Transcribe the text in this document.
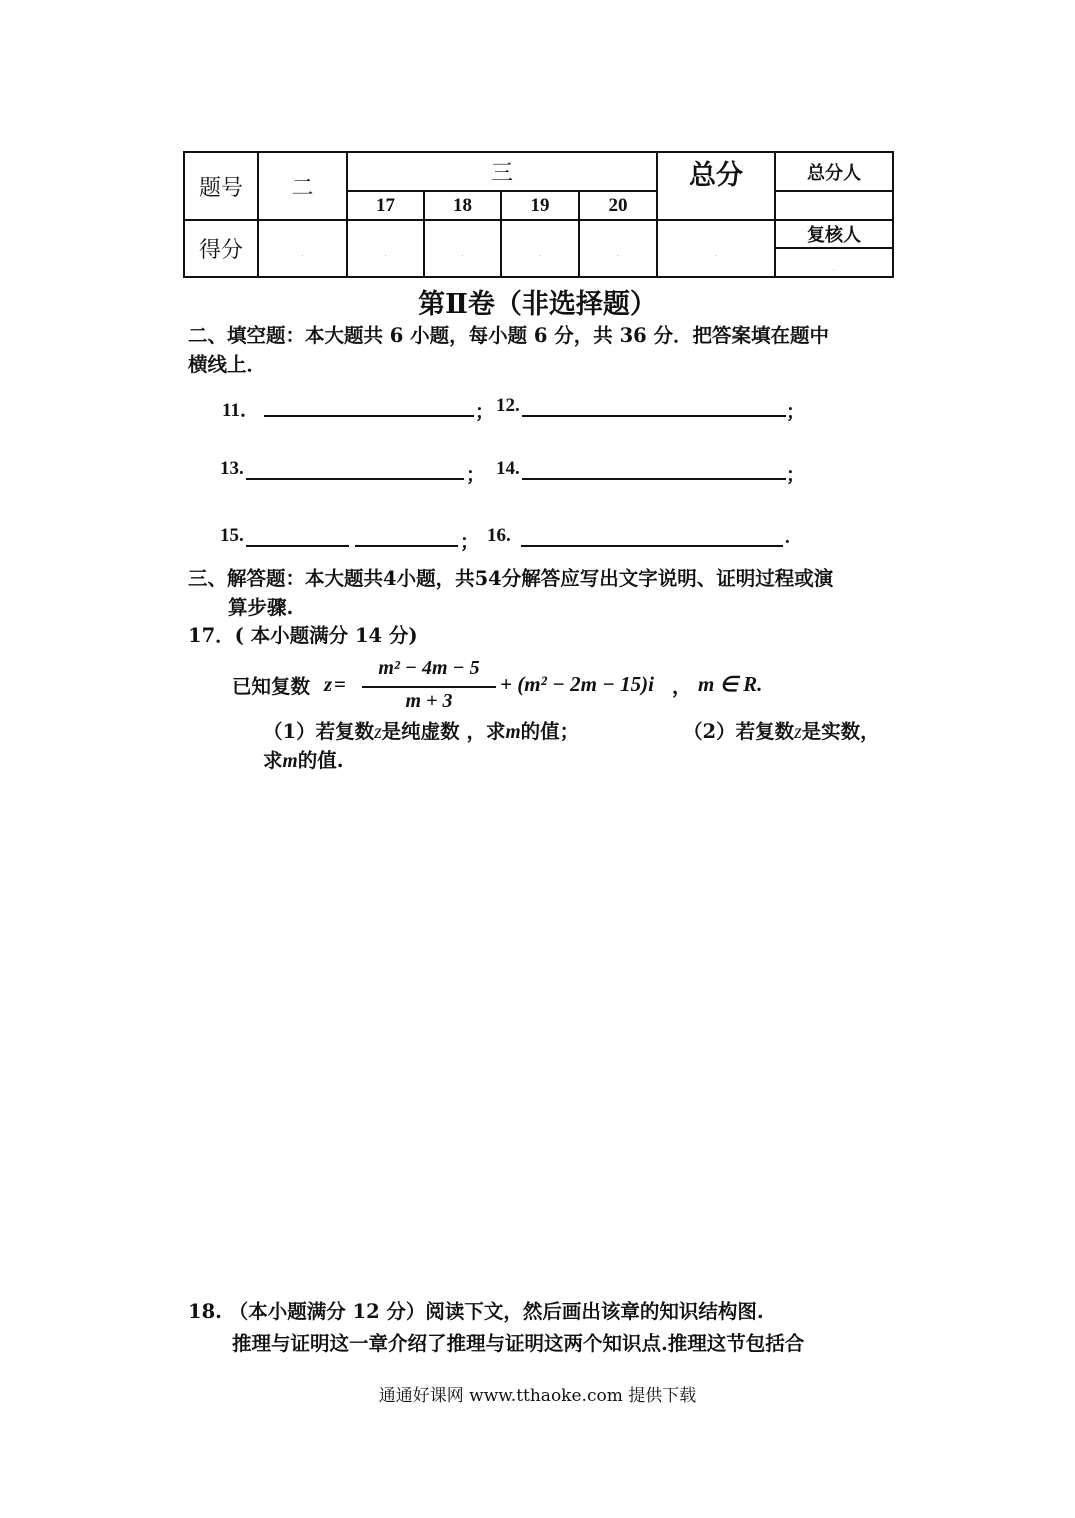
题号	二	三				总分	总分人
		17	18	19	20		
得分	.	.	.	.	.	.	复核人
							.
第Ⅱ卷（非选择题）
二、填空题：本大题共 6 小题，每小题 6 分，共 36 分．把答案填在题中
横线上．
11．	； 12.	；
13.	； 14.	；
15.	； 16.	.
三、解答题：本大题共4小题，共54分解答应写出文字说明、证明过程或演
算步骤.
17．( 本小题满分 14 分)
已知复数 z =
m² − 4m − 5
m + 3
+ (m² − 2m − 15)i ， m ∈ R.
（1）若复数z是纯虚数 ，求m的值；	（2）若复数z是实数，
求m的值.
18. （本小题满分 12 分）阅读下文，然后画出该章的知识结构图.
推理与证明这一章介绍了推理与证明这两个知识点.推理这节包括合
通通好课网 www.tthaoke.com 提供下载
